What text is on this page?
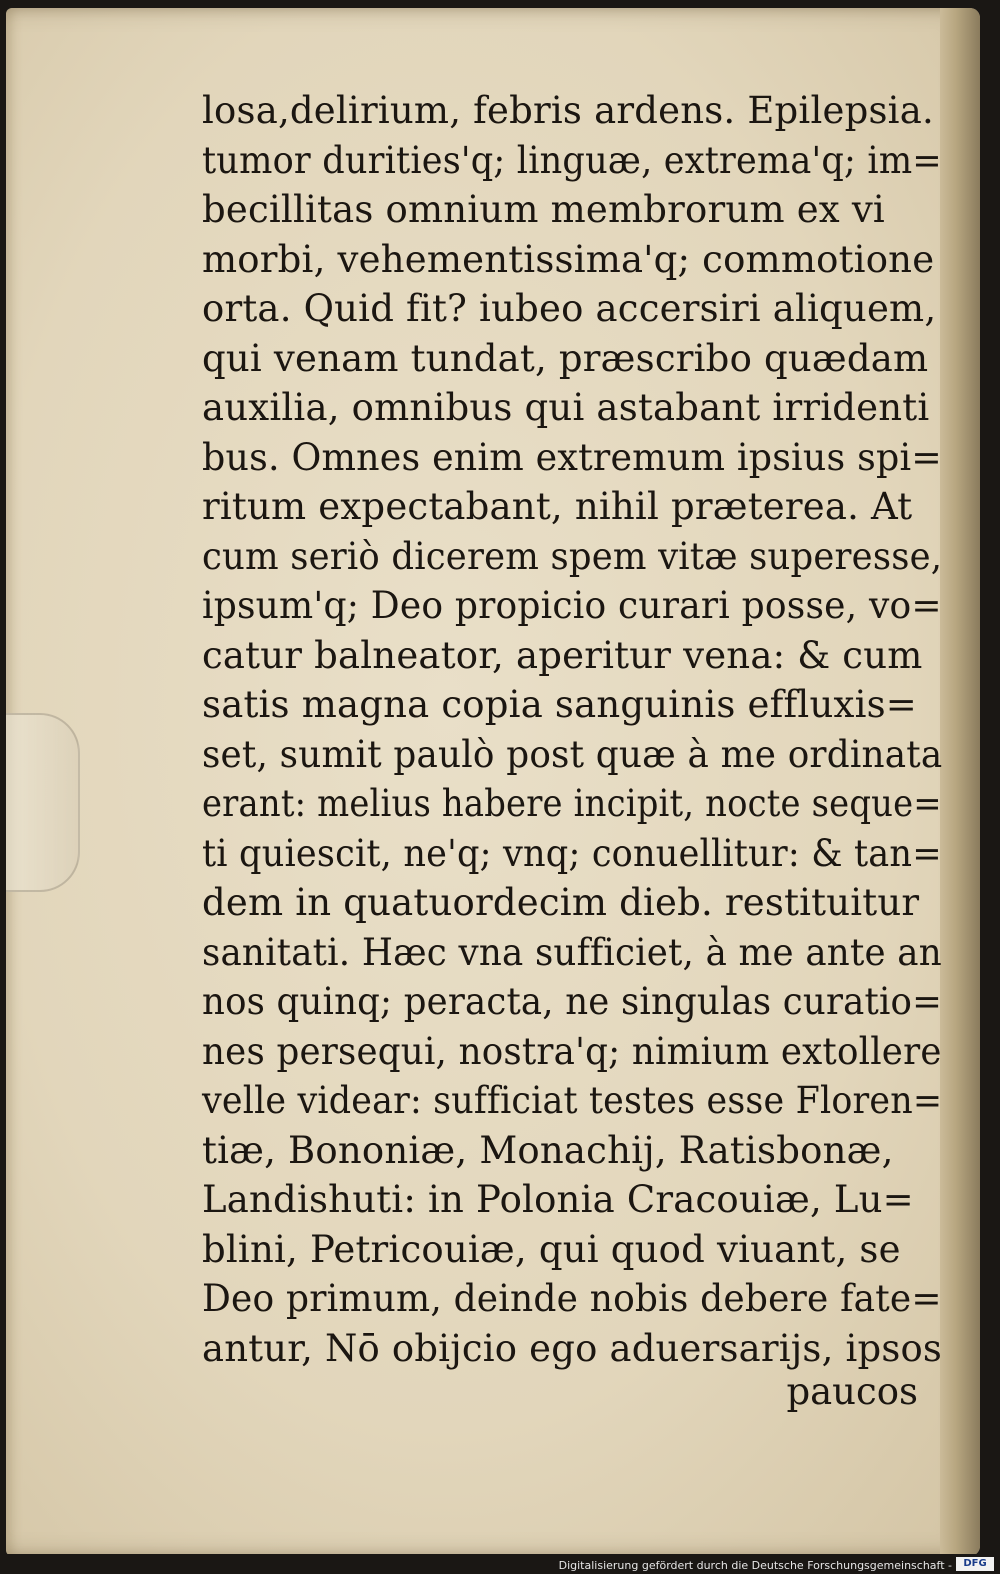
losa,delirium, febris ardens. Epilepsia.
tumor durities'q; linguæ, extrema'q; im=
becillitas omnium membrorum ex vi
morbi, vehementissima'q; commotione
orta. Quid fit? iubeo accersiri aliquem,
qui venam tundat, præscribo quædam
auxilia, omnibus qui astabant irridenti
bus. Omnes enim extremum ipsius spi=
ritum expectabant, nihil præterea. At
cum seriò dicerem spem vitæ superesse,
ipsum'q; Deo propicio curari posse, vo=
catur balneator, aperitur vena: & cum
satis magna copia sanguinis effluxis=
set, sumit paulò post quæ à me ordinata
erant: melius habere incipit, nocte seque=
ti quiescit, ne'q; vnq; conuellitur: & tan=
dem in quatuordecim dieb. restituitur
sanitati. Hæc vna sufficiet, à me ante an
nos quinq; peracta, ne singulas curatio=
nes persequi, nostra'q; nimium extollere
velle videar: sufficiat testes esse Floren=
tiæ, Bononiæ, Monachij, Ratisbonæ,
Landishuti: in Polonia Cracouiæ, Lu=
blini, Petricouiæ, qui quod viuant, se
Deo primum, deinde nobis debere fate=
antur, Nō obijcio ego aduersarijs, ipsos
paucos
Digitalisierung gefördert durch die Deutsche Forschungsgemeinschaft -	DFG
